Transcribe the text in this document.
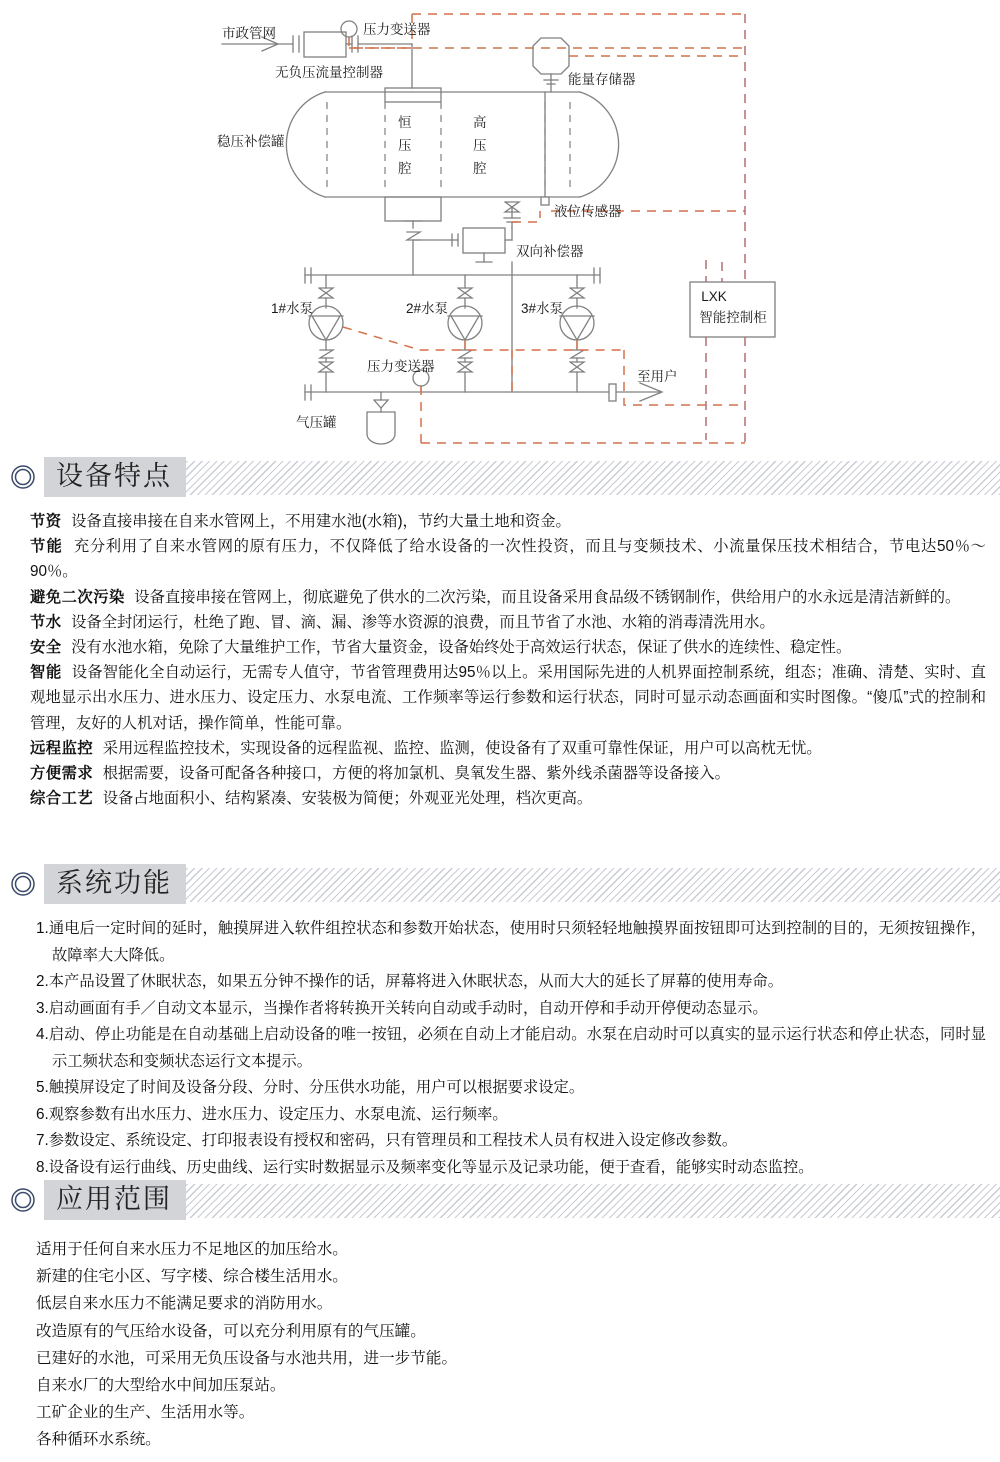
市政管网
无负压流量控制器
压力变送器
能量存储器
稳压补偿罐
恒
压
腔
高
压
腔
液位传感器
双向补偿器
1#水泵	2#水泵	3#水泵
LXK
智能控制柜
压力变送器
气压罐
至用户
设备特点

节资 设备直接串接在自来水管网上，不用建水池(水箱)，节约大量土地和资金。

节能 充分利用了自来水管网的原有压力，不仅降低了给水设备的一次性投资，而且与变频技术、小流量保压技术相结合，节电达50％～90％。

避免二次污染 设备直接串接在管网上，彻底避免了供水的二次污染，而且设备采用食品级不锈钢制作，供给用户的水永远是清洁新鲜的。

节水 设备全封闭运行，杜绝了跑、冒、滴、漏、渗等水资源的浪费，而且节省了水池、水箱的消毒清洗用水。

安全 没有水池水箱，免除了大量维护工作，节省大量资金，设备始终处于高效运行状态，保证了供水的连续性、稳定性。

智能 设备智能化全自动运行，无需专人值守，节省管理费用达95％以上。采用国际先进的人机界面控制系统，组态；准确、清楚、实时、直观地显示出水压力、进水压力、设定压力、水泵电流、工作频率等运行参数和运行状态，同时可显示动态画面和实时图像。“傻瓜”式的控制和管理，友好的人机对话，操作简单，性能可靠。

远程监控 采用远程监控技术，实现设备的远程监视、监控、监测，使设备有了双重可靠性保证，用户可以高枕无忧。

方便需求 根据需要，设备可配备各种接口，方便的将加氯机、臭氧发生器、紫外线杀菌器等设备接入。

综合工艺 设备占地面积小、结构紧凑、安装极为简便；外观亚光处理，档次更高。

系统功能
1.通电后一定时间的延时，触摸屏进入软件组控状态和参数开始状态，使用时只须轻轻地触摸界面按钮即可达到控制的目的，无须按钮操作，故障率大大降低。
2.本产品设置了休眠状态，如果五分钟不操作的话，屏幕将进入休眠状态，从而大大的延长了屏幕的使用寿命。
3.启动画面有手／自动文本显示，当操作者将转换开关转向自动或手动时，自动开停和手动开停便动态显示。
4.启动、停止功能是在自动基础上启动设备的唯一按钮，必须在自动上才能启动。水泵在启动时可以真实的显示运行状态和停止状态，同时显示工频状态和变频状态运行文本提示。
5.触摸屏设定了时间及设备分段、分时、分压供水功能，用户可以根据要求设定。
6.观察参数有出水压力、进水压力、设定压力、水泵电流、运行频率。
7.参数设定、系统设定、打印报表设有授权和密码，只有管理员和工程技术人员有权进入设定修改参数。
8.设备设有运行曲线、历史曲线、运行实时数据显示及频率变化等显示及记录功能，便于查看，能够实时动态监控。
应用范围
适用于任何自来水压力不足地区的加压给水。
新建的住宅小区、写字楼、综合楼生活用水。
低层自来水压力不能满足要求的消防用水。
改造原有的气压给水设备，可以充分利用原有的气压罐。
已建好的水池，可采用无负压设备与水池共用，进一步节能。
自来水厂的大型给水中间加压泵站。
工矿企业的生产、生活用水等。
各种循环水系统。
